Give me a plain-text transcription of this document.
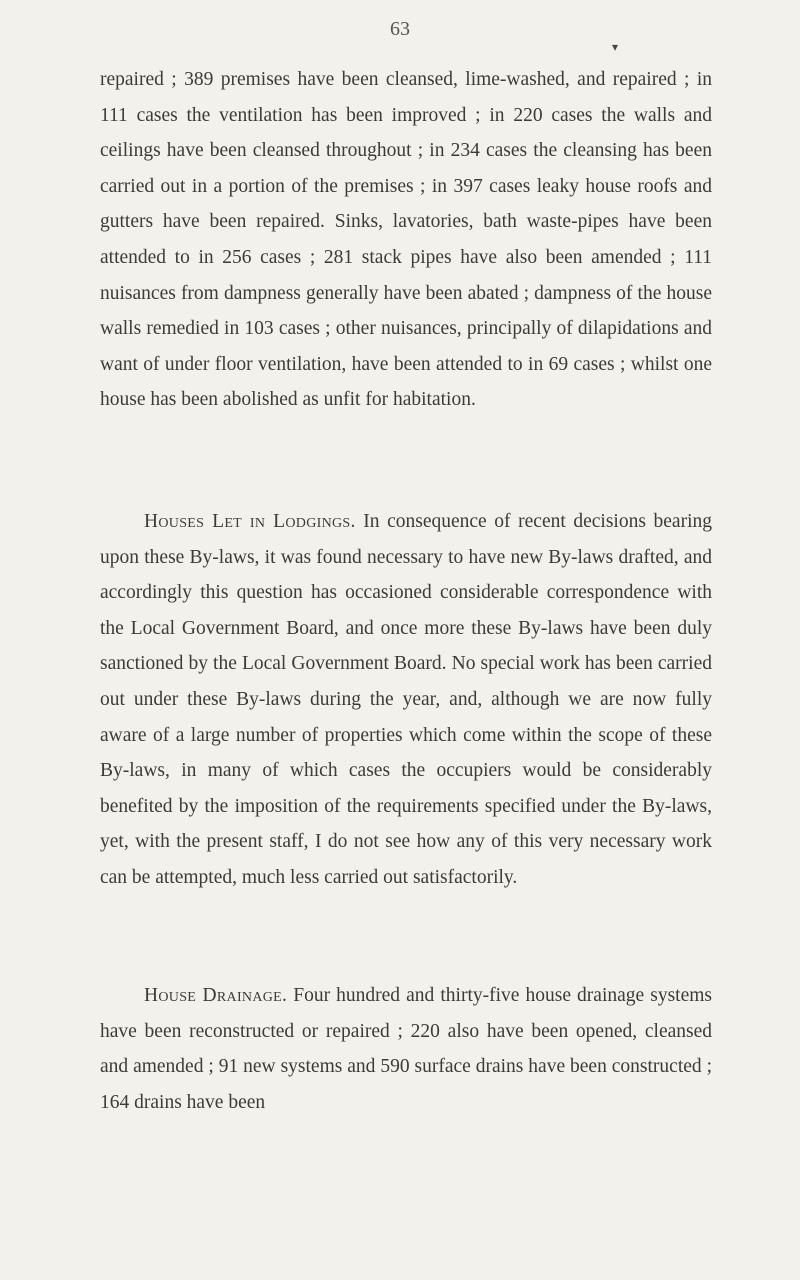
63
▾

repaired ; 389 premises have been cleansed, lime-washed, and repaired ; in 111 cases the ventilation has been improved ; in 220 cases the walls and ceilings have been cleansed throughout ; in 234 cases the cleansing has been carried out in a portion of the premises ; in 397 cases leaky house roofs and gutters have been repaired. Sinks, lavatories, bath waste-pipes have been attended to in 256 cases ; 281 stack pipes have also been amended ; 111 nuisances from dampness generally have been abated ; dampness of the house walls remedied in 103 cases ; other nuisances, principally of dilapidations and want of under floor ventilation, have been attended to in 69 cases ; whilst one house has been abolished as unfit for habitation.

Houses Let in Lodgings. In consequence of recent decisions bearing upon these By-laws, it was found necessary to have new By-laws drafted, and accordingly this question has occasioned considerable correspondence with the Local Government Board, and once more these By-laws have been duly sanctioned by the Local Government Board. No special work has been carried out under these By-laws during the year, and, although we are now fully aware of a large number of properties which come within the scope of these By-laws, in many of which cases the occupiers would be considerably benefited by the imposition of the requirements specified under the By-laws, yet, with the present staff, I do not see how any of this very necessary work can be attempted, much less carried out satisfactorily.

House Drainage. Four hundred and thirty-five house drainage systems have been reconstructed or repaired ; 220 also have been opened, cleansed and amended ; 91 new systems and 590 surface drains have been constructed ; 164 drains have been
